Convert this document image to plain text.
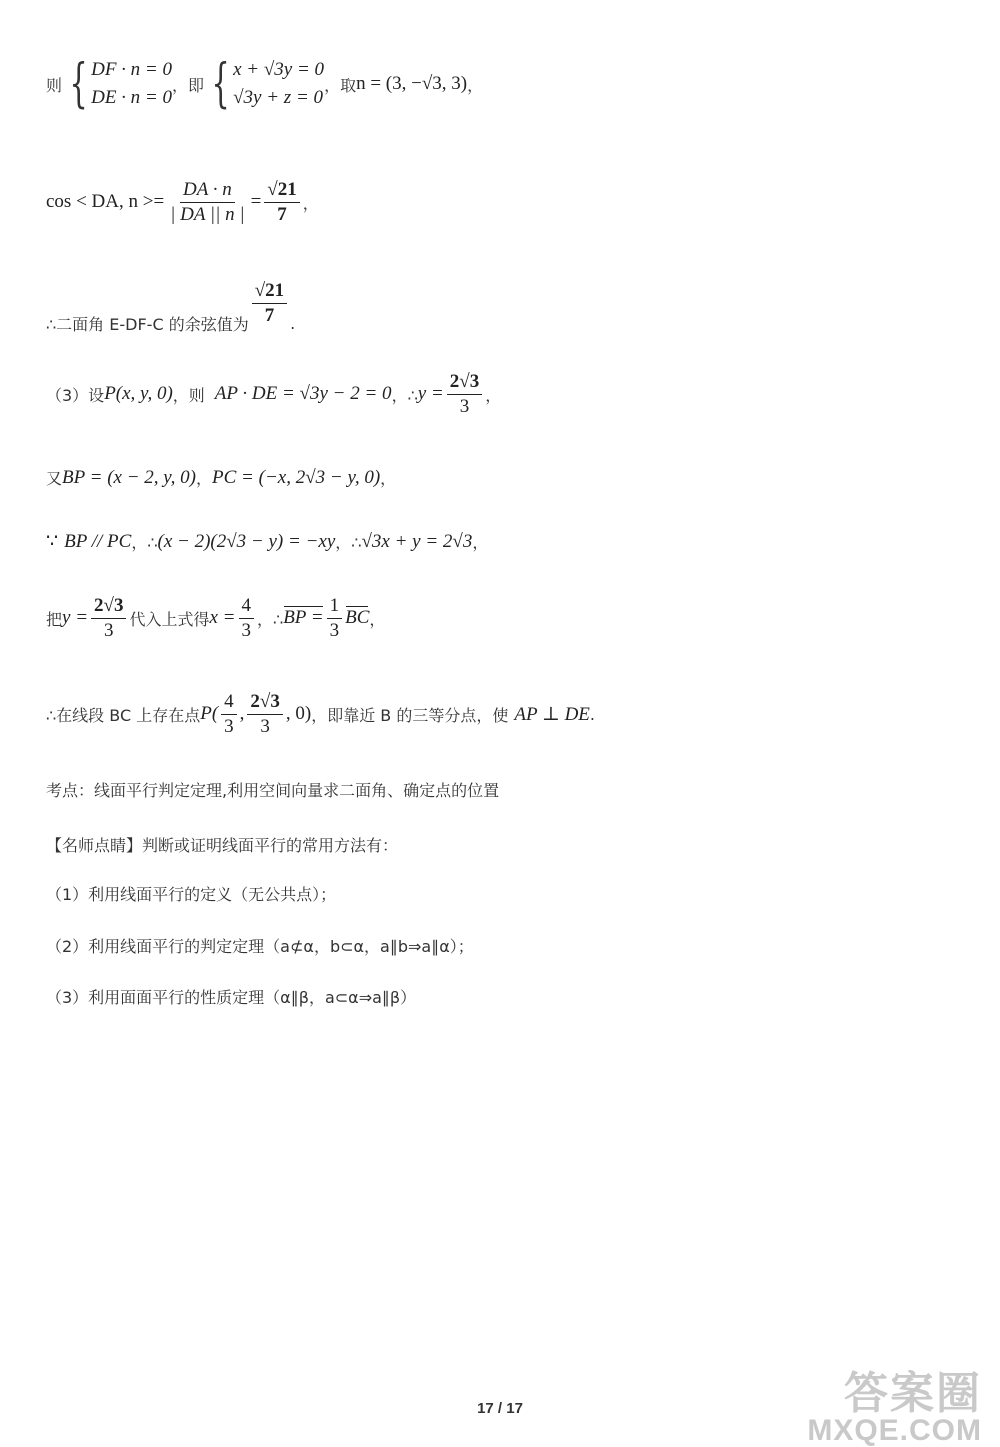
则 { DF · n = 0
DE · n = 0
，即 { x + √3y = 0
√3y + z = 0
，取 n = (3, −√3, 3) ，
cos < DA, $n >= \frac{DA \cdot n}{| DA || n |} = \frac{√21}{7}$ ，
∴二面角 E-DF-C 的余弦值为 $\frac{√21}{7}$ .
（3）设 P(x, y, 0) ，则 AP · DE = √3y − 2 = 0 ，∴ $y = \frac{2√3}{3}$ ，
又 BP = (x − 2, y, 0) ， PC = (−x, 2√3 − y, 0) ，
∵ BP // PC ，∴ (x − 2)(2√3 − y) = −xy ，∴ √3x + y = 2√3 ，
把 $y = \frac{2√3}{3}$ 代入上式得 $x = \frac{4}{3}$ ，∴ BP = $\frac{1}{3}$ BC ，
∴在线段 BC 上存在点 $P( \frac{4}{3}$ , $\frac{2√3}{3}$ , 0) ，即靠近 B 的三等分点，使 AP ⊥ DE .
考点：线面平行判定定理,利用空间向量求二面角、确定点的位置
【名师点睛】判断或证明线面平行的常用方法有：
（1）利用线面平行的定义（无公共点）；
（2）利用线面平行的判定定理（a⊄α，b⊂α，a∥b⇒a∥α）；
（3）利用面面平行的性质定理（α∥β，a⊂α⇒a∥β）
答案圈
MXQE.COM
17 / 17
